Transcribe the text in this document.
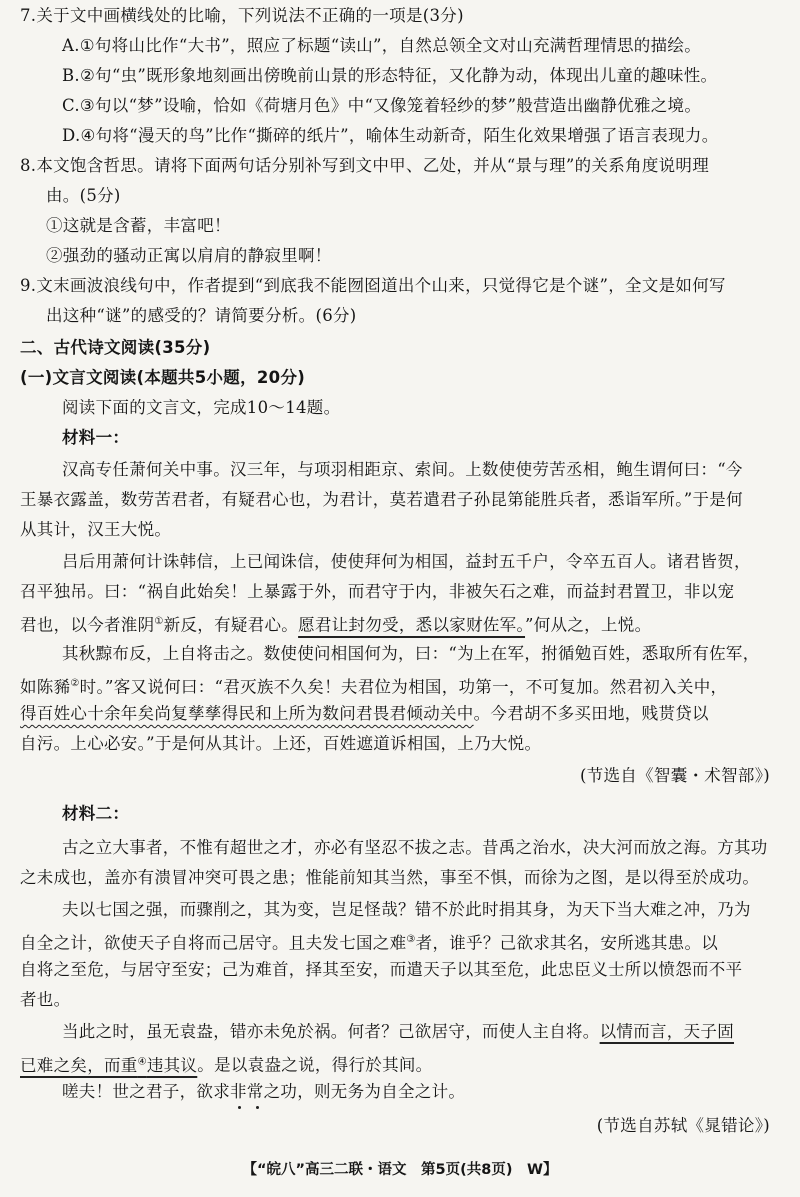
7.关于文中画横线处的比喻，下列说法不正确的一项是(3分)
A.①句将山比作“大书”，照应了标题“读山”，自然总领全文对山充满哲理情思的描绘。
B.②句“虫”既形象地刻画出傍晚前山景的形态特征，又化静为动，体现出儿童的趣味性。
C.③句以“梦”设喻，恰如《荷塘月色》中“又像笼着轻纱的梦”般营造出幽静优雅之境。
D.④句将“漫天的鸟”比作“撕碎的纸片”，喻体生动新奇，陌生化效果增强了语言表现力。
8.本文饱含哲思。请将下面两句话分别补写到文中甲、乙处，并从“景与理”的关系角度说明理
由。(5分)
①这就是含蓄，丰富吧！
②强劲的骚动正寓以肩肩的静寂里啊！
9.文末画波浪线句中，作者提到“到底我不能囫囵道出个山来，只觉得它是个谜”，全文是如何写
出这种“谜”的感受的？请简要分析。(6分)
二、古代诗文阅读(35分)
(一)文言文阅读(本题共5小题，20分)
阅读下面的文言文，完成10～14题。
材料一：
汉高专任萧何关中事。汉三年，与项羽相距京、索间。上数使使劳苦丞相，鲍生谓何曰：“今
王暴衣露盖，数劳苦君者，有疑君心也，为君计，莫若遣君子孙昆第能胜兵者，悉诣军所。”于是何
从其计，汉王大悦。
吕后用萧何计诛韩信，上已闻诛信，使使拜何为相国，益封五千户，令卒五百人。诸君皆贺，
召平独吊。曰：“祸自此始矣！上暴露于外，而君守于内，非被矢石之难，而益封君置卫，非以宠
君也，以今者淮阴①新反，有疑君心。愿君让封勿受，悉以家财佐军。”何从之，上悦。
其秋黥布反，上自将击之。数使使问相国何为，曰：“为上在军，拊循勉百姓，悉取所有佐军，
如陈豨②时。”客又说何曰：“君灭族不久矣！夫君位为相国，功第一，不可复加。然君初入关中，
得百姓心十余年矣尚复孳孳得民和上所为数问君畏君倾动关中。今君胡不多买田地，贱贳贷以
自污。上心必安。”于是何从其计。上还，百姓遮道诉相国，上乃大悦。
(节选自《智囊・术智部》)
材料二：
古之立大事者，不惟有超世之才，亦必有坚忍不拔之志。昔禹之治水，决大河而放之海。方其功
之未成也，盖亦有溃冒冲突可畏之患；惟能前知其当然，事至不惧，而徐为之图，是以得至於成功。
夫以七国之强，而骤削之，其为变，岂足怪哉？错不於此时捐其身，为天下当大难之冲，乃为
自全之计，欲使天子自将而己居守。且夫发七国之难③者，谁乎？己欲求其名，安所逃其患。以
自将之至危，与居守至安；己为难首，择其至安，而遣天子以其至危，此忠臣义士所以愤怨而不平
者也。
当此之时，虽无袁盎，错亦未免於祸。何者？己欲居守，而使人主自将。以情而言，天子固
已难之矣，而重④违其议。是以袁盎之说，得行於其间。
嗟夫！世之君子，欲求非常之功，则无务为自全之计。
(节选自苏轼《晁错论》)
【“皖八”高三二联・语文　第5页(共8页)　W】
